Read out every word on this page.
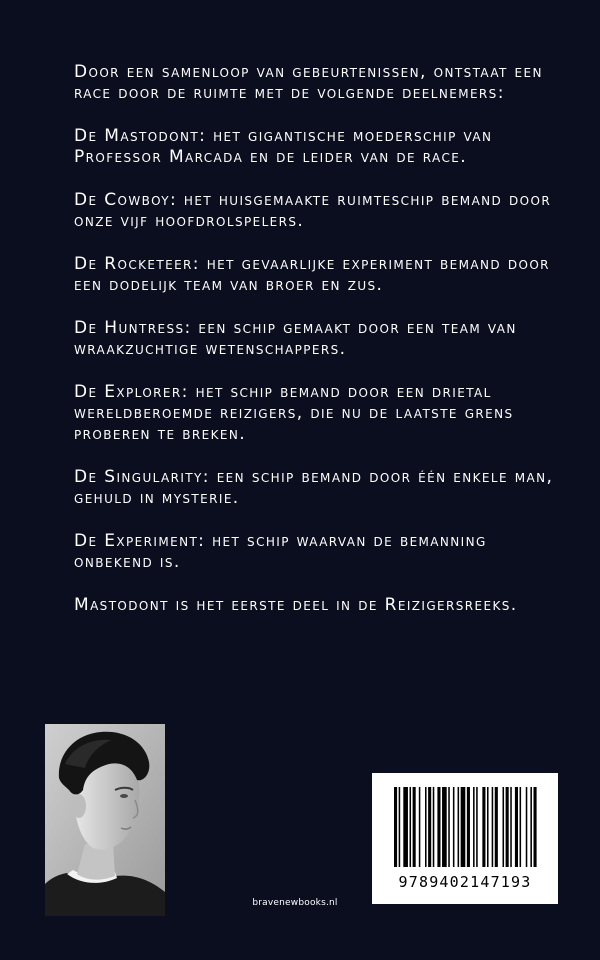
Door een samenloop van gebeurtenissen, ontstaat een race door de ruimte met de volgende deelnemers:

De Mastodont: het gigantische moederschip van Professor Marcada en de leider van de race.

De Cowboy: het huisgemaakte ruimteschip bemand door onze vijf hoofdrolspelers.

De Rocketeer: het gevaarlijke experiment bemand door een dodelijk team van broer en zus.

De Huntress: een schip gemaakt door een team van wraakzuchtige wetenschappers.

De Explorer: het schip bemand door een drietal wereldberoemde reizigers, die nu de laatste grens proberen te breken.

De Singularity: een schip bemand door één enkele man, gehuld in mysterie.

De Experiment: het schip waarvan de bemanning onbekend is.

Mastodont is het eerste deel in de Reizigersreeks.

bravenewbooks.nl
9789402147193
